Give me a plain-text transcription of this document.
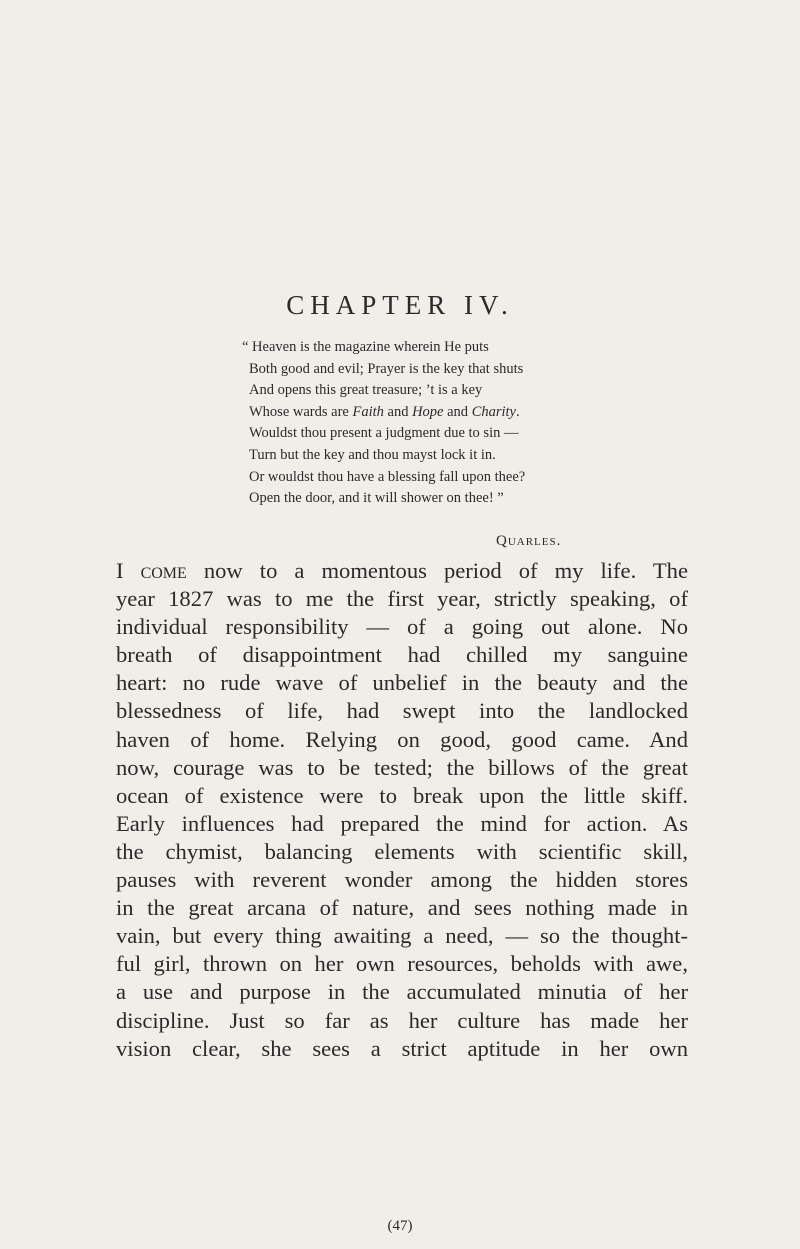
CHAPTER IV.
“ Heaven is the magazine wherein He puts
Both good and evil; Prayer is the key that shuts
And opens this great treasure; ’t is a key
Whose wards are Faith and Hope and Charity.
Wouldst thou present a judgment due to sin —
Turn but the key and thou mayst lock it in.
Or wouldst thou have a blessing fall upon thee?
Open the door, and it will shower on thee! ”
Quarles.
I come now to a momentous period of my life. The
year 1827 was to me the first year, strictly speaking, of
individual responsibility — of a going out alone. No
breath of disappointment had chilled my sanguine
heart: no rude wave of unbelief in the beauty and the
blessedness of life, had swept into the landlocked
haven of home. Relying on good, good came. And
now, courage was to be tested; the billows of the great
ocean of existence were to break upon the little skiff.
Early influences had prepared the mind for action. As
the chymist, balancing elements with scientific skill,
pauses with reverent wonder among the hidden stores
in the great arcana of nature, and sees nothing made in
vain, but every thing awaiting a need, — so the thought-
ful girl, thrown on her own resources, beholds with awe,
a use and purpose in the accumulated minutia of her
discipline. Just so far as her culture has made her
vision clear, she sees a strict aptitude in her own
(47)
